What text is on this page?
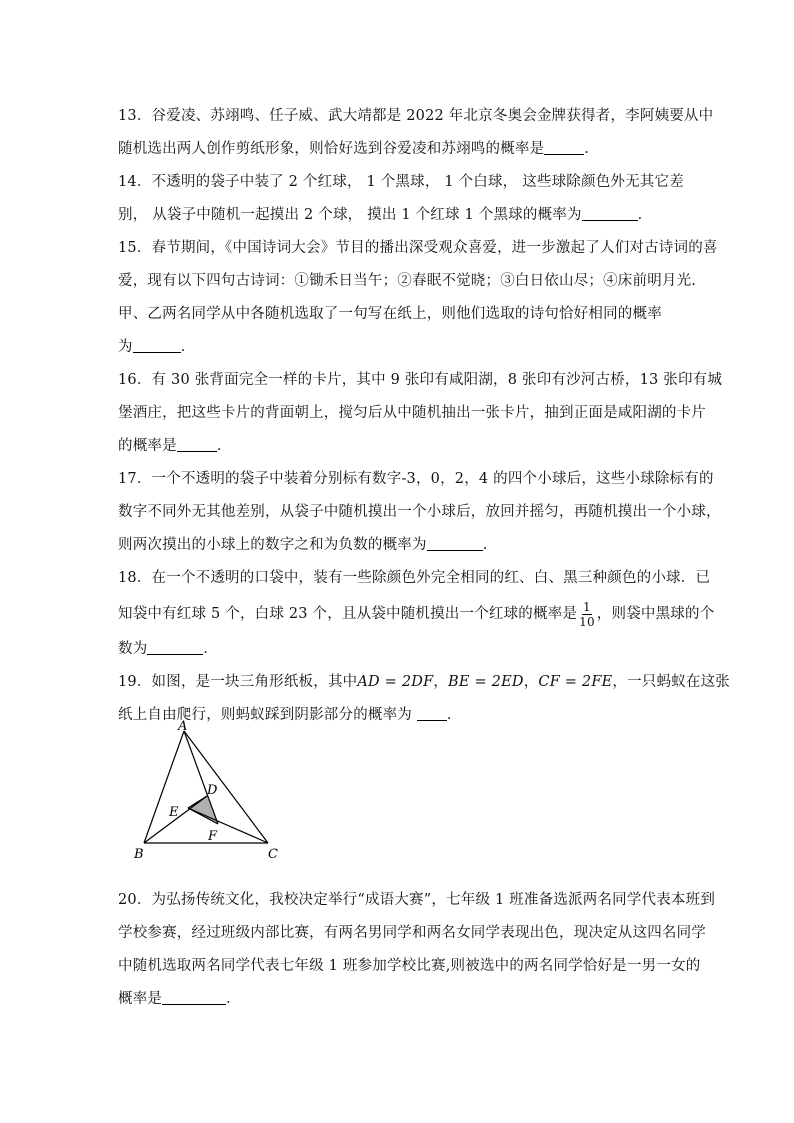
13．谷爱凌、苏翊鸣、任子威、武大靖都是 2022 年北京冬奥会金牌获得者，李阿姨要从中
随机选出两人创作剪纸形象，则恰好选到谷爱凌和苏翊鸣的概率是	．
14．不透明的袋子中装了 2 个红球， 1 个黑球， 1 个白球， 这些球除颜色外无其它差
别， 从袋子中随机一起摸出 2 个球， 摸出 1 个红球 1 个黑球的概率为	．
15．春节期间，《中国诗词大会》节目的播出深受观众喜爱，进一步激起了人们对古诗词的喜
爱，现有以下四句古诗词：①锄禾日当午；②春眠不觉晓；③白日依山尽；④床前明月光.
甲、乙两名同学从中各随机选取了一句写在纸上，则他们选取的诗句恰好相同的概率
为	．
16．有 30 张背面完全一样的卡片，其中 9 张印有咸阳湖，8 张印有沙河古桥，13 张印有城
堡酒庄，把这些卡片的背面朝上，搅匀后从中随机抽出一张卡片，抽到正面是咸阳湖的卡片
的概率是	．
17．一个不透明的袋子中装着分别标有数字-3，0，2，4 的四个小球后，这些小球除标有的
数字不同外无其他差别，从袋子中随机摸出一个小球后，放回并摇匀，再随机摸出一个小球，
则两次摸出的小球上的数字之和为负数的概率为	.
18．在一个不透明的口袋中，装有一些除颜色外完全相同的红、白、黑三种颜色的小球．已
知袋中有红球 5 个，白球 23 个，且从袋中随机摸出一个红球的概率是 $\frac{1}{10}$ ，则袋中黑球的个
数为	．
19．如图，是一块三角形纸板，其中AD = 2DF，BE = 2ED，CF = 2FE，一只蚂蚁在这张
纸上自由爬行，则蚂蚁踩到阴影部分的概率为 ．
A
B	C
D
E
F
20．为弘扬传统文化，我校决定举行“成语大赛”，七年级 1 班准备选派两名同学代表本班到
学校参赛，经过班级内部比赛，有两名男同学和两名女同学表现出色，现决定从这四名同学
中随机选取两名同学代表七年级 1 班参加学校比赛,则被选中的两名同学恰好是一男一女的
概率是	．
